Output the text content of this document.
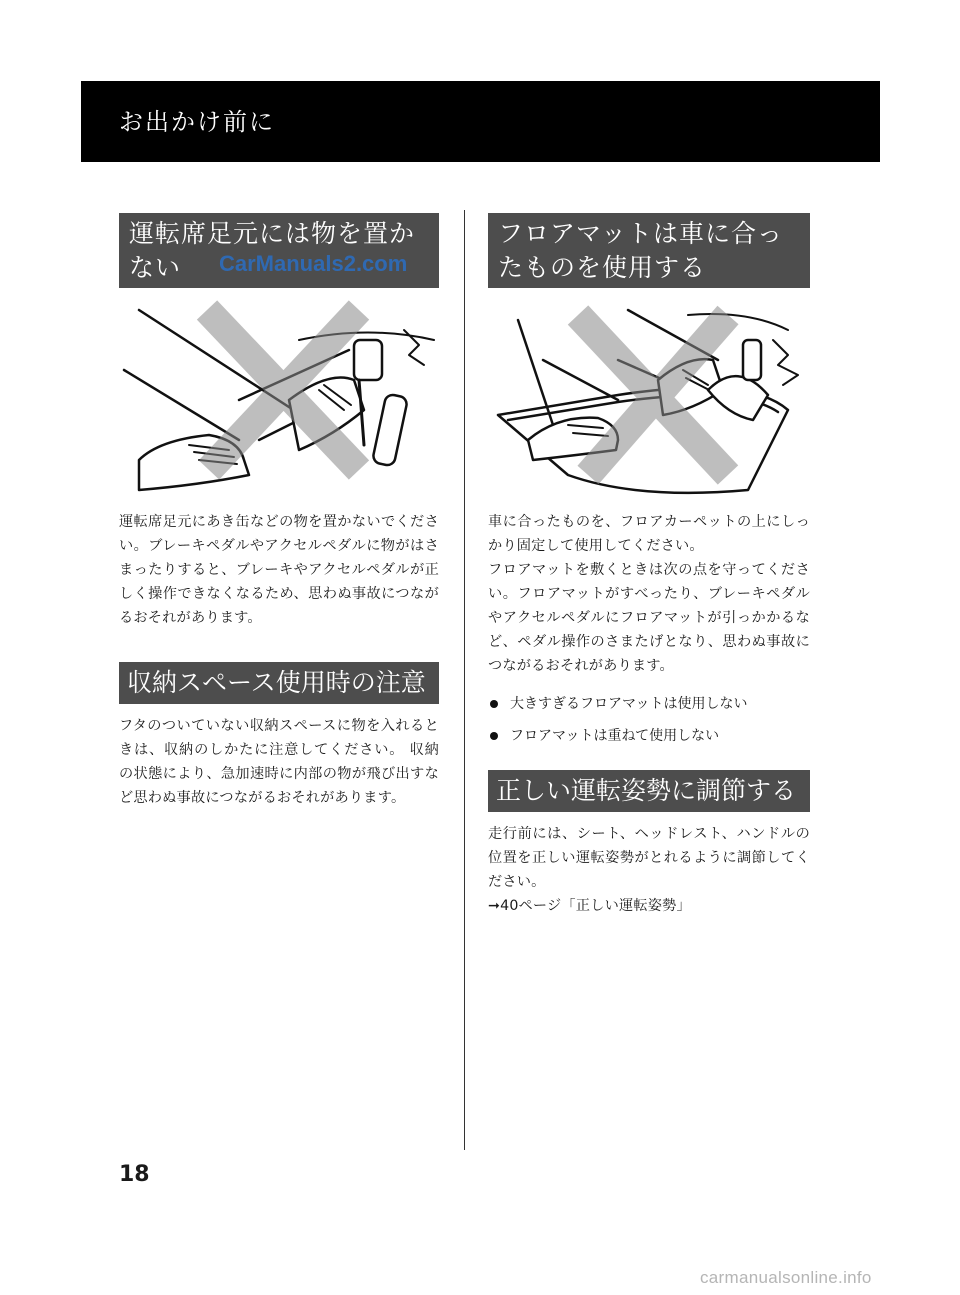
お出かけ前に
運転席足元には物を置か
ない	CarManuals2.com

運転席足元にあき缶などの物を置かないでください。ブレーキペダルやアクセルペダルに物がはさまったりすると、ブレーキやアクセルペダルが正しく操作できなくなるため、思わぬ事故につながるおそれがあります。

収納スペース使用時の注意

フタのついていない収納スペースに物を入れるときは、収納のしかたに注意してください。 収納の状態により、急加速時に内部の物が飛び出すなど思わぬ事故につながるおそれがあります。

フロアマットは車に合っ
たものを使用する

車に合ったものを、フロアカーペットの上にしっかり固定して使用してください。

フロアマットを敷くときは次の点を守ってください。フロアマットがすべったり、ブレーキペダルやアクセルペダルにフロアマットが引っかかるなど、ペダル操作のさまたげとなり、思わぬ事故につながるおそれがあります。

大きすぎるフロアマットは使用しない
フロアマットは重ねて使用しない
正しい運転姿勢に調節する

走行前には、シート、ヘッドレスト、ハンドルの位置を正しい運転姿勢がとれるように調節してください。

➞40ページ「正しい運転姿勢」

18
carmanualsonline.info
